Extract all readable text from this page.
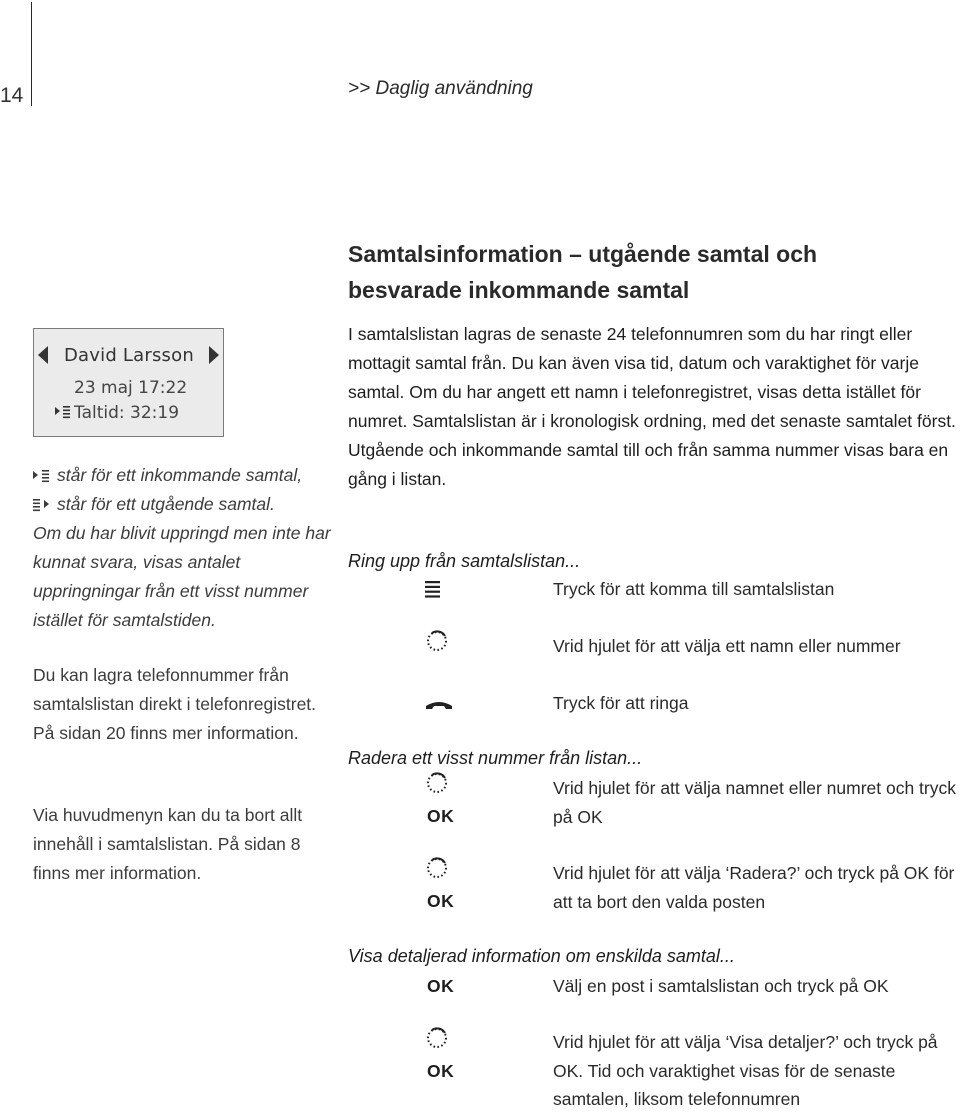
14	>> Daglig användning
David Larsson
23 maj 17:22
Taltid: 32:19
står för ett inkommande samtal,
står för ett utgående samtal.
Om du har blivit uppringd men inte har kunnat svara, visas antalet uppringningar från ett visst nummer istället för samtalstiden.
Du kan lagra telefonnummer från samtalslistan direkt i telefonregistret. På sidan 20 finns mer information.
Via huvudmenyn kan du ta bort allt innehåll i samtalslistan. På sidan 8 finns mer information.
Samtalsinformation – utgående samtal och besvarade inkommande samtal
I samtalslistan lagras de senaste 24 telefonnumren som du har ringt eller mottagit samtal från. Du kan även visa tid, datum och varaktighet för varje samtal. Om du har angett ett namn i telefonregistret, visas detta istället för numret. Samtalslistan är i kronologisk ordning, med det senaste samtalet först. Utgående och inkommande samtal till och från samma nummer visas bara en gång i listan.
Ring upp från samtalslistan...
Tryck för att komma till samtalslistan
Vrid hjulet för att välja ett namn eller nummer
Tryck för att ringa
Radera ett visst nummer från listan...
OK
Vrid hjulet för att välja namnet eller numret och tryck på OK
OK
Vrid hjulet för att välja ‘Radera?’ och tryck på OK för att ta bort den valda posten
Visa detaljerad information om enskilda samtal...
OK	Välj en post i samtalslistan och tryck på OK
OK
Vrid hjulet för att välja ‘Visa detaljer?’ och tryck på OK. Tid och varaktighet visas för de senaste samtalen, liksom telefonnumren
